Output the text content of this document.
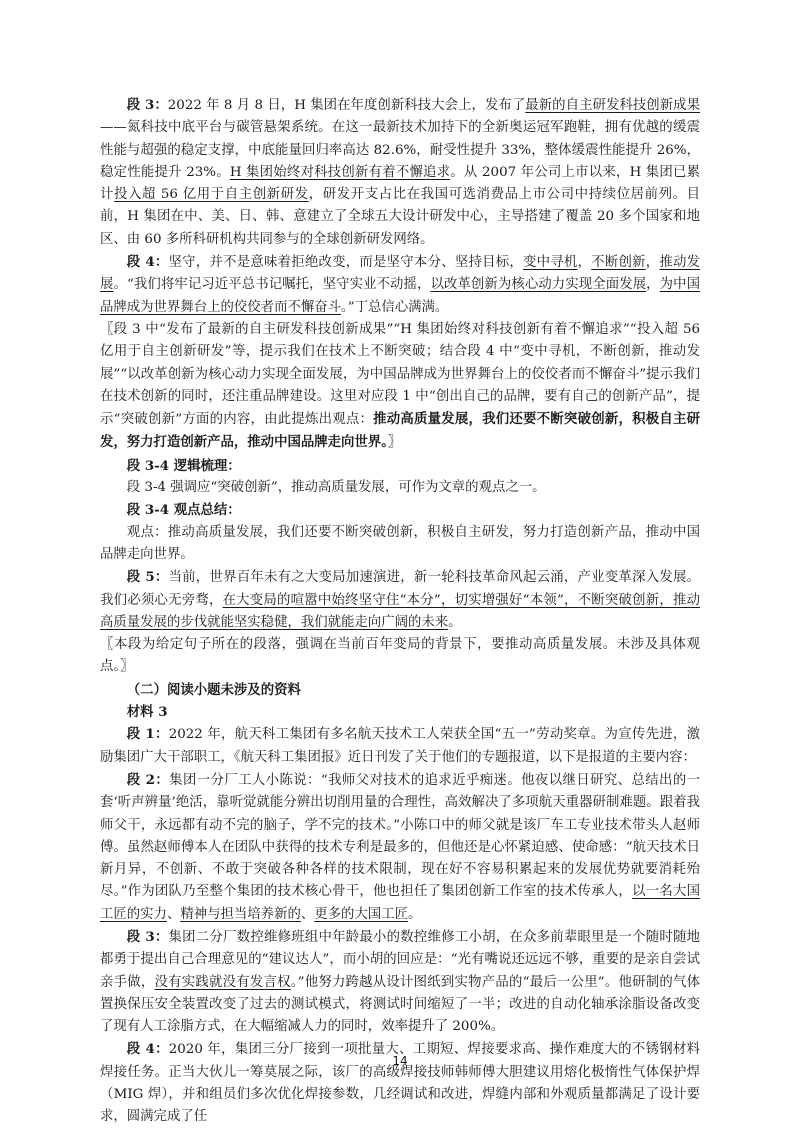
段 3：2022 年 8 月 8 日，H 集团在年度创新科技大会上，发布了最新的自主研发科技创新成果——氮科技中底平台与碳管悬架系统。在这一最新技术加持下的全新奥运冠军跑鞋，拥有优越的缓震性能与超强的稳定支撑，中底能量回归率高达 82.6%，耐受性提升 33%，整体缓震性能提升 26%，稳定性能提升 23%。H 集团始终对科技创新有着不懈追求。从 2007 年公司上市以来，H 集团已累计投入超 56 亿用于自主创新研发，研发开支占比在我国可选消费品上市公司中持续位居前列。目前，H 集团在中、美、日、韩、意建立了全球五大设计研发中心，主导搭建了覆盖 20 多个国家和地区、由 60 多所科研机构共同参与的全球创新研发网络。

段 4：坚守，并不是意味着拒绝改变，而是坚守本分、坚持目标，变中寻机，不断创新，推动发展。“我们将牢记习近平总书记嘱托，坚守实业不动摇，以改革创新为核心动力实现全面发展，为中国品牌成为世界舞台上的佼佼者而不懈奋斗。”丁总信心满满。

〖段 3 中“发布了最新的自主研发科技创新成果”“H 集团始终对科技创新有着不懈追求”“投入超 56 亿用于自主创新研发”等，提示我们在技术上不断突破；结合段 4 中“变中寻机，不断创新，推动发展”“以改革创新为核心动力实现全面发展，为中国品牌成为世界舞台上的佼佼者而不懈奋斗”提示我们在技术创新的同时，还注重品牌建设。这里对应段 1 中“创出自己的品牌，要有自己的创新产品”，提示“突破创新”方面的内容，由此提炼出观点：推动高质量发展，我们还要不断突破创新，积极自主研发，努力打造创新产品，推动中国品牌走向世界。〗

段 3-4 逻辑梳理：

段 3-4 强调应“突破创新”，推动高质量发展，可作为文章的观点之一。

段 3-4 观点总结：

观点：推动高质量发展，我们还要不断突破创新，积极自主研发，努力打造创新产品，推动中国品牌走向世界。

段 5：当前，世界百年未有之大变局加速演进，新一轮科技革命风起云涌，产业变革深入发展。我们必须心无旁骛，在大变局的喧嚣中始终坚守住“本分”，切实增强好“本领”，不断突破创新，推动高质量发展的步伐就能坚实稳健，我们就能走向广阔的未来。

〖本段为给定句子所在的段落，强调在当前百年变局的背景下，要推动高质量发展。未涉及具体观点。〗

（二）阅读小题未涉及的资料

材料 3

段 1：2022 年，航天科工集团有多名航天技术工人荣获全国“五一”劳动奖章。为宣传先进，激励集团广大干部职工，《航天科工集团报》近日刊发了关于他们的专题报道，以下是报道的主要内容：

段 2：集团一分厂工人小陈说：“我师父对技术的追求近乎痴迷。他夜以继日研究、总结出的一套‘听声辨量’绝活，靠听觉就能分辨出切削用量的合理性，高效解决了多项航天重器研制难题。跟着我师父干，永远都有动不完的脑子，学不完的技术。”小陈口中的师父就是该厂车工专业技术带头人赵师傅。虽然赵师傅本人在团队中获得的技术专利是最多的，但他还是心怀紧迫感、使命感：“航天技术日新月异，不创新、不敢于突破各种各样的技术限制，现在好不容易积累起来的发展优势就要消耗殆尽。”作为团队乃至整个集团的技术核心骨干，他也担任了集团创新工作室的技术传承人，以一名大国工匠的实力、精神与担当培养新的、更多的大国工匠。

段 3：集团二分厂数控维修班组中年龄最小的数控维修工小胡，在众多前辈眼里是一个随时随地都勇于提出自己合理意见的“建议达人”，而小胡的回应是：“光有嘴说还远远不够，重要的是亲自尝试亲手做，没有实践就没有发言权。”他努力跨越从设计图纸到实物产品的“最后一公里”。他研制的气体置换保压安全装置改变了过去的测试模式，将测试时间缩短了一半；改进的自动化轴承涂脂设备改变了现有人工涂脂方式，在大幅缩减人力的同时，效率提升了 200%。

段 4：2020 年，集团三分厂接到一项批量大、工期短、焊接要求高、操作难度大的不锈钢材料焊接任务。正当大伙儿一筹莫展之际，该厂的高级焊接技师韩师傅大胆建议用熔化极惰性气体保护焊（MIG 焊），并和组员们多次优化焊接参数，几经调试和改进，焊缝内部和外观质量都满足了设计要求，圆满完成了任

14
